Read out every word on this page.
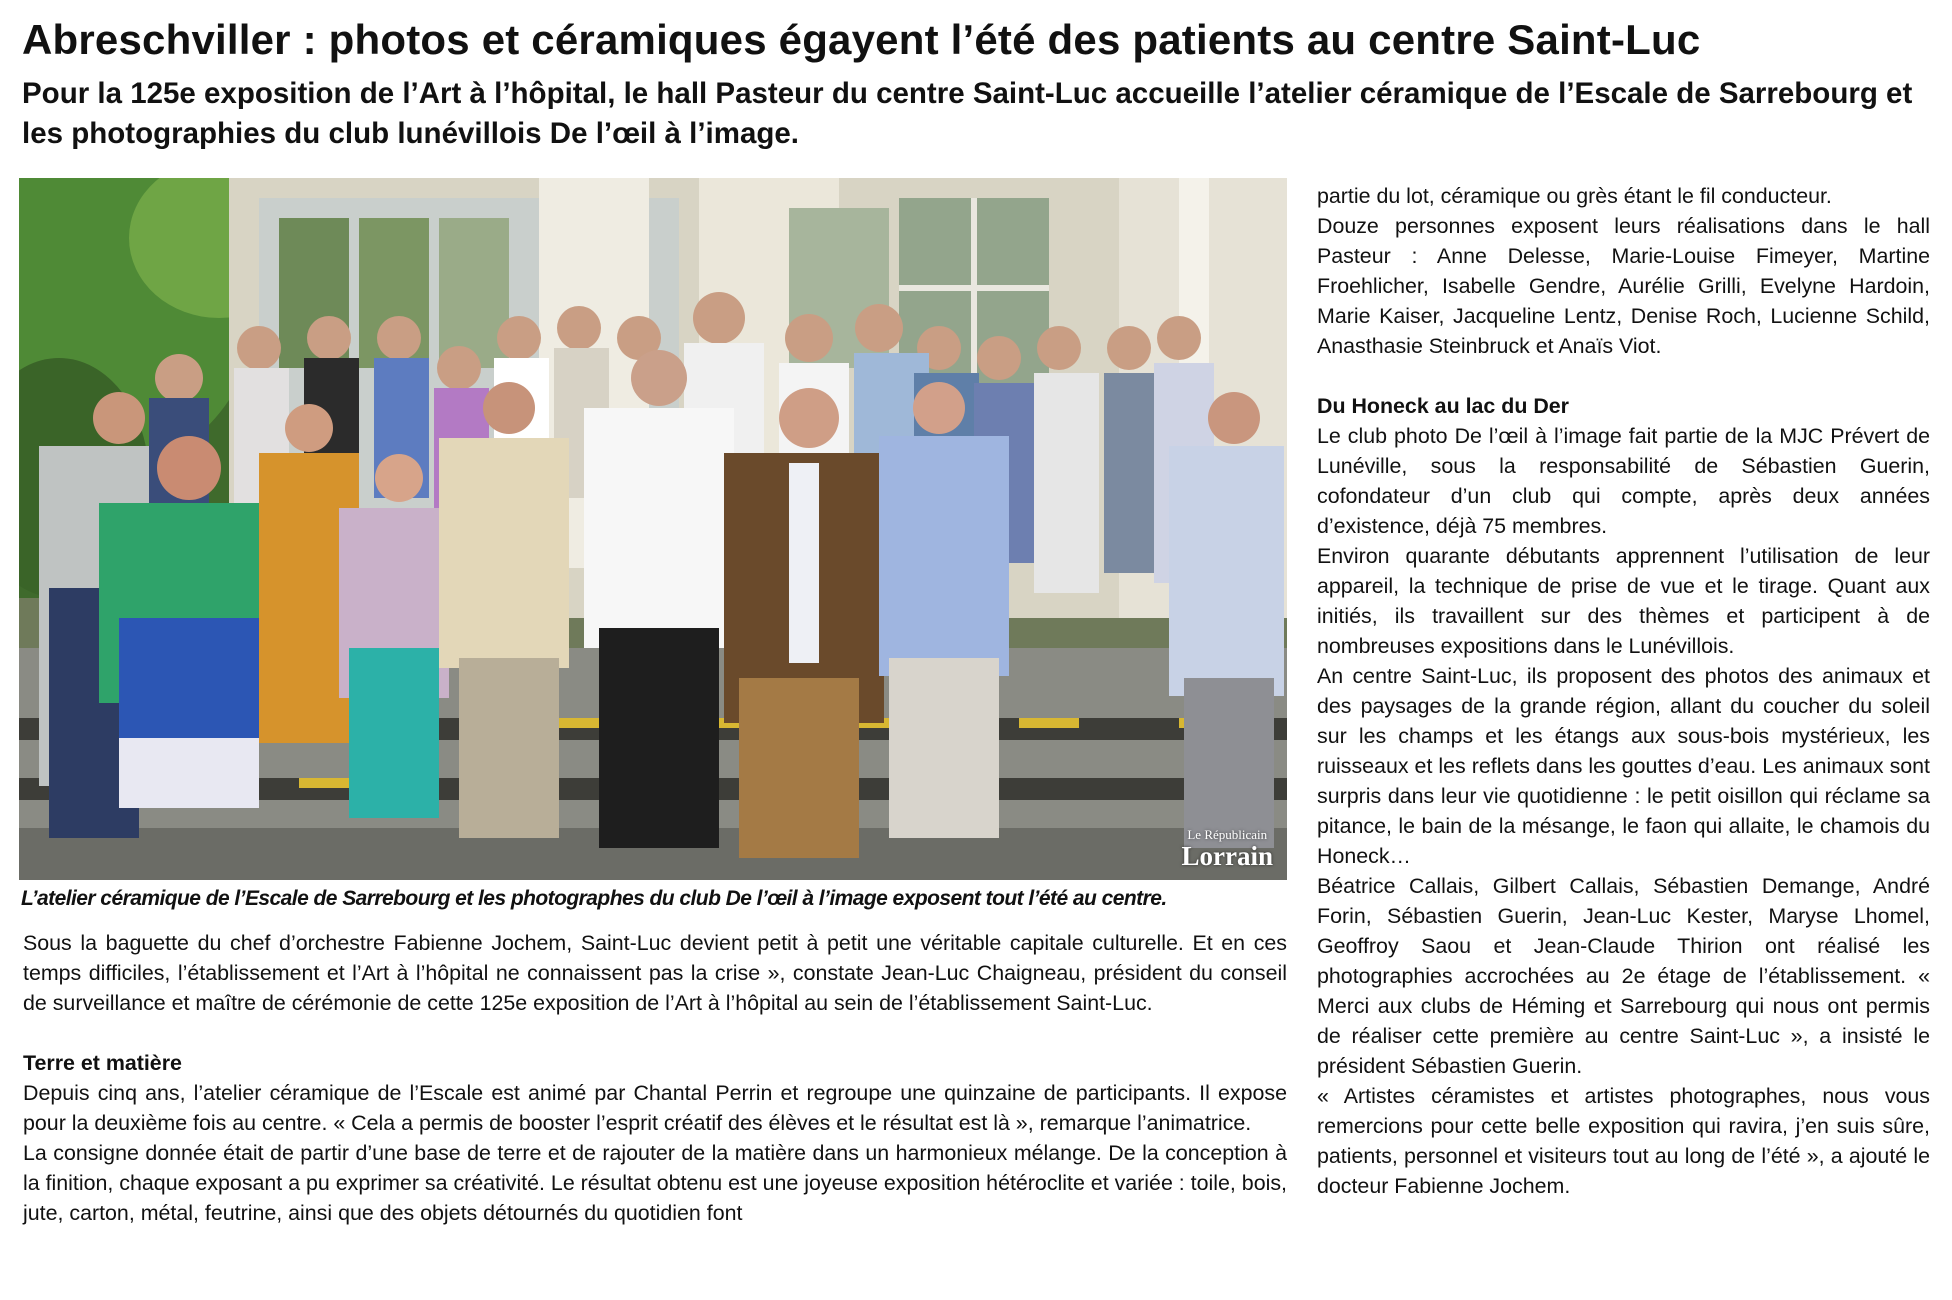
Abreschviller : photos et céramiques égayent l’été des patients au centre Saint-Luc

Pour la 125e exposition de l’Art à l’hôpital, le hall Pasteur du centre Saint-Luc accueille l’atelier céramique de l’Escale de Sarrebourg et les photographies du club lunévillois De l’œil à l’image.

Le Républicain
Lorrain

L’atelier céramique de l’Escale de Sarrebourg et les photographes du club De l’œil à l’image exposent tout l’été au centre.

Sous la baguette du chef d’orchestre Fabienne Jochem, Saint-Luc devient petit à petit une véritable capitale culturelle. Et en ces temps difficiles, l’établissement et l’Art à l’hôpital ne connaissent pas la crise », constate Jean-Luc Chaigneau, président du conseil de surveillance et maître de cérémonie de cette 125e exposition de l’Art à l’hôpital au sein de l’établissement Saint-Luc.

Terre et matière

Depuis cinq ans, l’atelier céramique de l’Escale est animé par Chantal Perrin et regroupe une quinzaine de participants. Il expose pour la deuxième fois au centre. « Cela a permis de booster l’esprit créatif des élèves et le résultat est là », remarque l’animatrice.

La consigne donnée était de partir d’une base de terre et de rajouter de la matière dans un harmonieux mélange. De la conception à la finition, chaque exposant a pu exprimer sa créativité. Le résultat obtenu est une joyeuse exposition hétéroclite et variée : toile, bois, jute, carton, métal, feutrine, ainsi que des objets détournés du quotidien font

partie du lot, céramique ou grès étant le fil conducteur.

Douze personnes exposent leurs réalisations dans le hall Pasteur : Anne Delesse, Marie-Louise Fimeyer, Martine Froehlicher, Isabelle Gendre, Aurélie Grilli, Evelyne Hardoin, Marie Kaiser, Jacqueline Lentz, Denise Roch, Lucienne Schild, Anasthasie Steinbruck et Anaïs Viot.

Du Honeck au lac du Der

Le club photo De l’œil à l’image fait partie de la MJC Prévert de Lunéville, sous la responsabilité de Sébastien Guerin, cofondateur d’un club qui compte, après deux années d’existence, déjà 75 membres.

Environ quarante débutants apprennent l’utilisation de leur appareil, la technique de prise de vue et le tirage. Quant aux initiés, ils travaillent sur des thèmes et participent à de nombreuses expositions dans le Lunévillois.

An centre Saint-Luc, ils proposent des photos des animaux et des paysages de la grande région, allant du coucher du soleil sur les champs et les étangs aux sous-bois mystérieux, les ruisseaux et les reflets dans les gouttes d’eau. Les animaux sont surpris dans leur vie quotidienne : le petit oisillon qui réclame sa pitance, le bain de la mésange, le faon qui allaite, le chamois du Honeck…

Béatrice Callais, Gilbert Callais, Sébastien Demange, André Forin, Sébastien Guerin, Jean-Luc Kester, Maryse Lhomel, Geoffroy Saou et Jean-Claude Thirion ont réalisé les photographies accrochées au 2e étage de l’établissement. « Merci aux clubs de Héming et Sarrebourg qui nous ont permis de réaliser cette première au centre Saint-Luc », a insisté le président Sébastien Guerin.

« Artistes céramistes et artistes photographes, nous vous remercions pour cette belle exposition qui ravira, j’en suis sûre, patients, personnel et visiteurs tout au long de l’été », a ajouté le docteur Fabienne Jochem.
